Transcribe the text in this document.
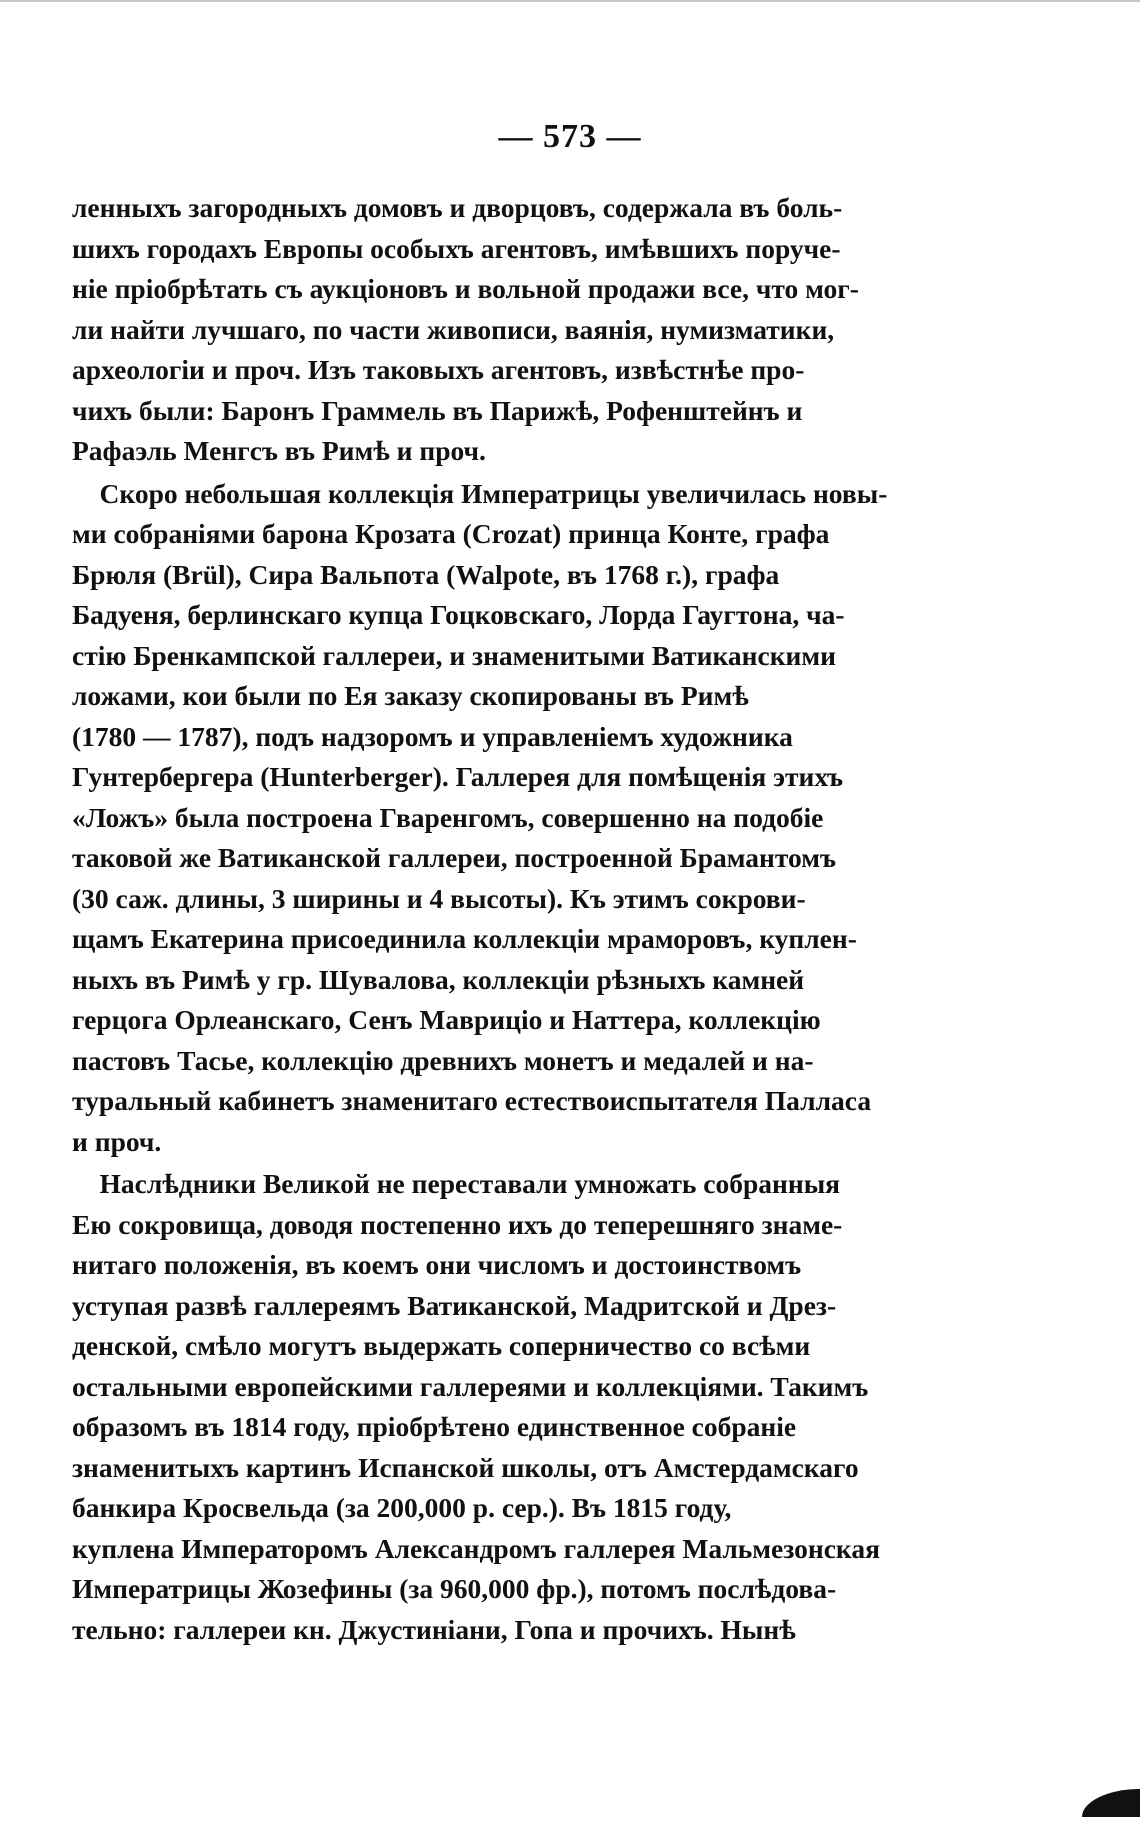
— 573 —
ленныхъ загородныхъ домовъ и дворцовъ, содержала въ боль-
шихъ городахъ Европы особыхъ агентовъ, имѣвшихъ поруче-
ніе пріобрѣтать съ аукціоновъ и вольной продажи все, что мог-
ли найти лучшаго, по части живописи, ваянія, нумизматики,
археологіи и проч. Изъ таковыхъ агентовъ, извѣстнѣе про-
чихъ были: Баронъ Граммель въ Парижѣ, Рофенштейнъ и
Рафаэль Менгсъ въ Римѣ и проч.
Скоро небольшая коллекція Императрицы увеличилась новы-
ми собраніями барона Крозата (Crozat) принца Конте, графа
Брюля (Brül), Сира Вальпота (Walpote, въ 1768 г.), графа
Бадуеня, берлинскаго купца Гоцковскаго, Лорда Гаугтона, ча-
стію Бренкампской галлереи, и знаменитыми Ватиканскими
ложами, кои были по Ея заказу скопированы въ Римѣ
(1780 — 1787), подъ надзоромъ и управленіемъ художника
Гунтербергера (Hunterberger). Галлерея для помѣщенія этихъ
«Ложъ» была построена Гваренгомъ, совершенно на подобіе
таковой же Ватиканской галлереи, построенной Брамантомъ
(30 саж. длины, 3 ширины и 4 высоты). Къ этимъ сокрови-
щамъ Екатерина присоединила коллекціи мраморовъ, куплен-
ныхъ въ Римѣ у гр. Шувалова, коллекціи рѣзныхъ камней
герцога Орлеанскаго, Сенъ Маврицiо и Наттера, коллекцію
пастовъ Тасье, коллекцію древнихъ монетъ и медалей и на-
туральный кабинетъ знаменитаго естествоиспытателя Палласа
и проч.
Наслѣдники Великой не переставали умножать собранныя
Ею сокровища, доводя постепенно ихъ до теперешняго знаме-
нитаго положенія, въ коемъ они числомъ и достоинствомъ
уступая развѣ галлереямъ Ватиканской, Мадритской и Дрез-
денской, смѣло могутъ выдержать соперничество со всѣми
остальными европейскими галлереями и коллекціями. Такимъ
образомъ въ 1814 году, пріобрѣтено единственное собраніе
знаменитыхъ картинъ Испанской школы, отъ Амстердамскаго
банкира Кросвельда (за 200,000 р. сер.). Въ 1815 году,
куплена Императоромъ Александромъ галлерея Мальмезонская
Императрицы Жозефины (за 960,000 фр.), потомъ послѣдова-
тельно: галлереи кн. Джустиніани, Гопа и прочихъ. Нынѣ
